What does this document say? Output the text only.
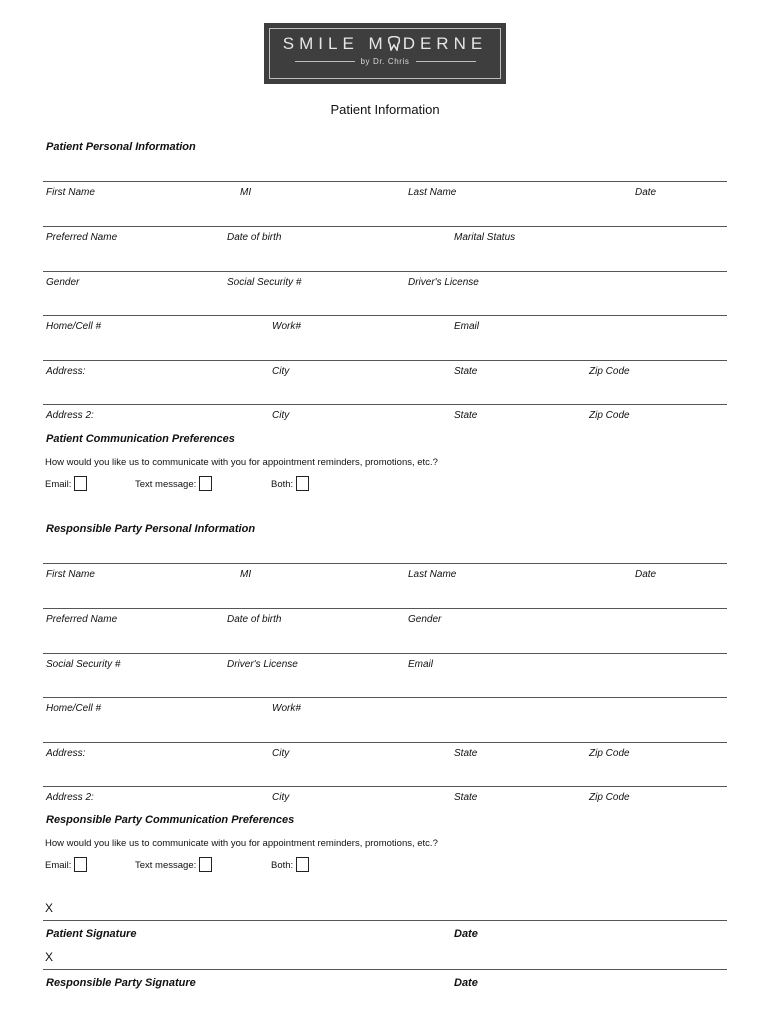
SMILE M DERNE
by Dr. Chris
Patient Information
Patient Personal Information
First Name	MI	Last Name	Date
Preferred Name	Date of birth	Marital Status
Gender	Social Security #	Driver's License
Home/Cell #	Work#	Email
Address:	City	State	Zip Code
Address 2:	City	State	Zip Code
Patient Communication Preferences
How would you like us to communicate with you for appointment reminders, promotions, etc.?
Email:	Text message:	Both:
Responsible Party Personal Information
First Name	MI	Last Name	Date
Preferred Name	Date of birth	Gender
Social Security #	Driver's License	Email
Home/Cell #	Work#
Address:	City	State	Zip Code
Address 2:	City	State	Zip Code
Responsible Party Communication Preferences
How would you like us to communicate with you for appointment reminders, promotions, etc.?
Email:	Text message:	Both:
X
Patient Signature	Date
X
Responsible Party Signature	Date
